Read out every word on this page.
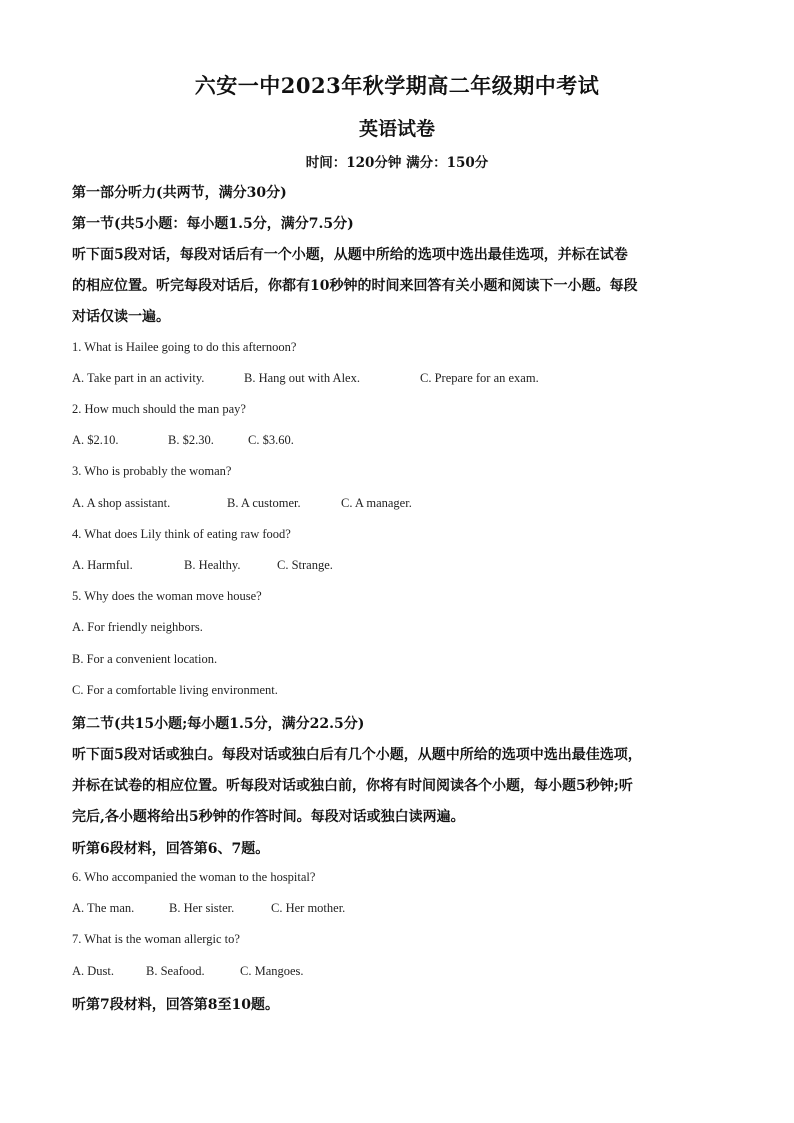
六安一中2023年秋学期高二年级期中考试
英语试卷
时间：120分钟 满分：150分
第一部分听力(共两节，满分30分)
第一节(共5小题：每小题1.5分，满分7.5分)
听下面5段对话，每段对话后有一个小题，从题中所给的选项中选出最佳选项，并标在试卷
的相应位置。听完每段对话后，你都有10秒钟的时间来回答有关小题和阅读下一小题。每段
对话仅读一遍。
1. What is Hailee going to do this afternoon?
A. Take part in an activity.	B. Hang out with Alex.	C. Prepare for an exam.
2. How much should the man pay?
A. $2.10.	B. $2.30.	C. $3.60.
3. Who is probably the woman?
A. A shop assistant.	B. A customer.	C. A manager.
4. What does Lily think of eating raw food?
A. Harmful.	B. Healthy.	C. Strange.
5. Why does the woman move house?
A. For friendly neighbors.
B. For a convenient location.
C. For a comfortable living environment.
第二节(共15小题;每小题1.5分，满分22.5分)
听下面5段对话或独白。每段对话或独白后有几个小题，从题中所给的选项中选出最佳选项，
并标在试卷的相应位置。听每段对话或独白前，你将有时间阅读各个小题，每小题5秒钟;听
完后,各小题将给出5秒钟的作答时间。每段对话或独白读两遍。
听第6段材料，回答第6、7题。
6. Who accompanied the woman to the hospital?
A. The man.	B. Her sister.	C. Her mother.
7. What is the woman allergic to?
A. Dust.	B. Seafood.	C. Mangoes.
听第7段材料，回答第8至10题。
